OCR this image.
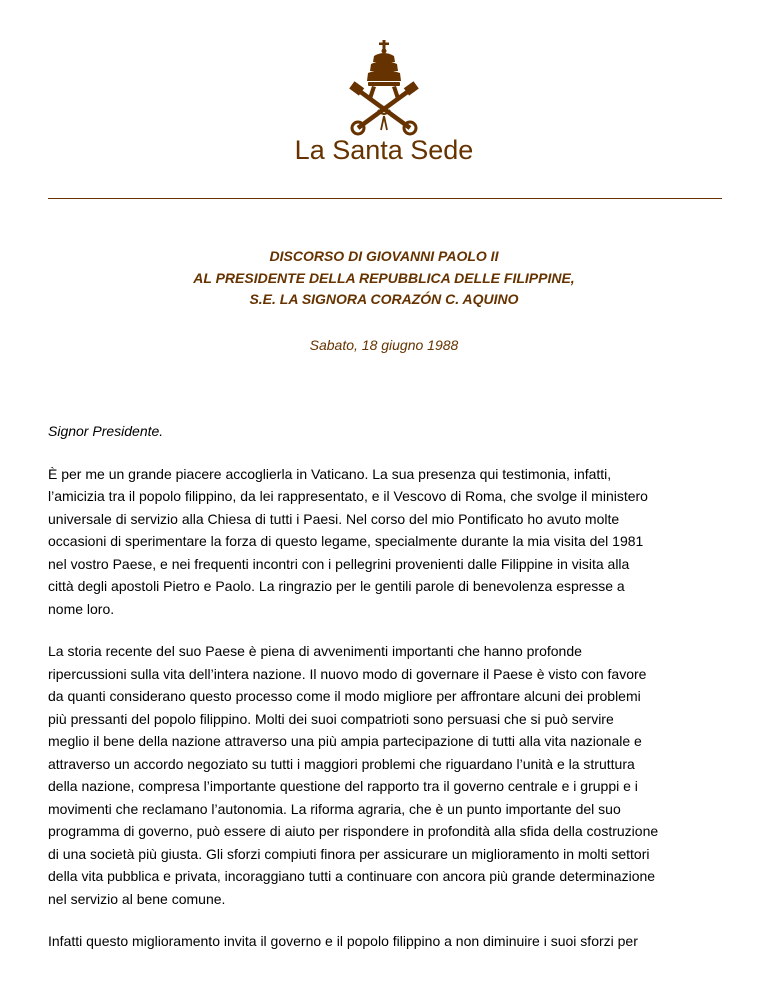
La Santa Sede
DISCORSO DI GIOVANNI PAOLO II
AL PRESIDENTE DELLA REPUBBLICA DELLE FILIPPINE,
S.E. LA SIGNORA CORAZÓN C. AQUINO
Sabato, 18 giugno 1988

Signor Presidente.

È per me un grande piacere accoglierla in Vaticano. La sua presenza qui testimonia, infatti,
l’amicizia tra il popolo filippino, da lei rappresentato, e il Vescovo di Roma, che svolge il ministero
universale di servizio alla Chiesa di tutti i Paesi. Nel corso del mio Pontificato ho avuto molte
occasioni di sperimentare la forza di questo legame, specialmente durante la mia visita del 1981
nel vostro Paese, e nei frequenti incontri con i pellegrini provenienti dalle Filippine in visita alla
città degli apostoli Pietro e Paolo. La ringrazio per le gentili parole di benevolenza espresse a
nome loro.
La storia recente del suo Paese è piena di avvenimenti importanti che hanno profonde
ripercussioni sulla vita dell’intera nazione. Il nuovo modo di governare il Paese è visto con favore
da quanti considerano questo processo come il modo migliore per affrontare alcuni dei problemi
più pressanti del popolo filippino. Molti dei suoi compatrioti sono persuasi che si può servire
meglio il bene della nazione attraverso una più ampia partecipazione di tutti alla vita nazionale e
attraverso un accordo negoziato su tutti i maggiori problemi che riguardano l’unità e la struttura
della nazione, compresa l’importante questione del rapporto tra il governo centrale e i gruppi e i
movimenti che reclamano l’autonomia. La riforma agraria, che è un punto importante del suo
programma di governo, può essere di aiuto per rispondere in profondità alla sfida della costruzione
di una società più giusta. Gli sforzi compiuti finora per assicurare un miglioramento in molti settori
della vita pubblica e privata, incoraggiano tutti a continuare con ancora più grande determinazione
nel servizio al bene comune.
Infatti questo miglioramento invita il governo e il popolo filippino a non diminuire i suoi sforzi per
